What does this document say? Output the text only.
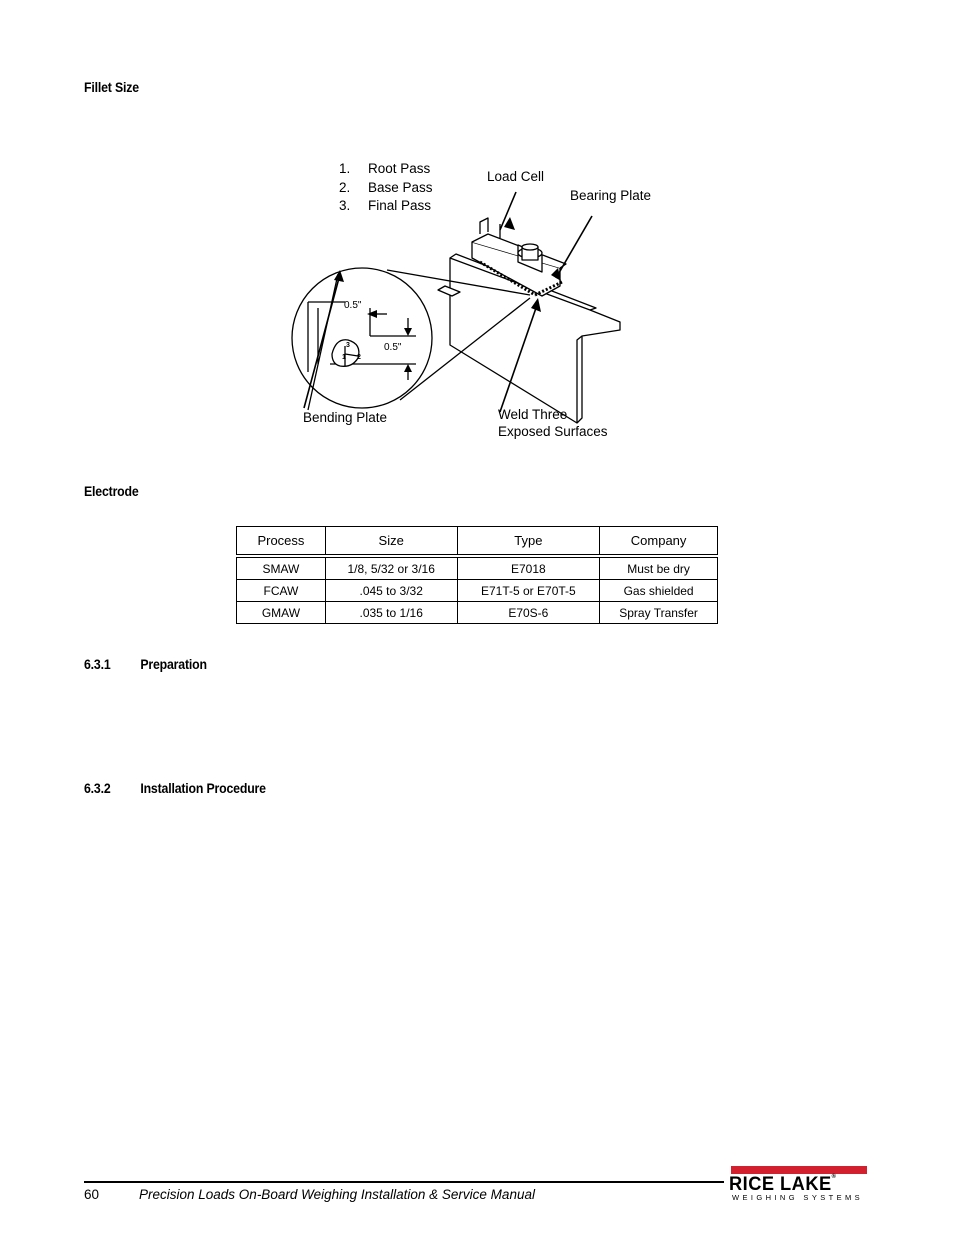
Fillet Size
1. Root Pass
2. Base Pass
3. Final Pass
Load Cell
Bearing Plate
Bending Plate	Weld Three
Exposed Surfaces
0.5"
0.5"
3
1 2
Electrode
Process	Size	Type	Company
SMAW	1/8, 5/32 or 3/16	E7018	Must be dry
FCAW	.045 to 3/32	E71T-5 or E70T-5	Gas shielded
GMAW	.035 to 1/16	E70S-6	Spray Transfer
6.3.1 Preparation
6.3.2 Installation Procedure
60	Precision Loads On-Board Weighing Installation & Service Manual	RICE LAKE®
WEIGHING SYSTEMS
